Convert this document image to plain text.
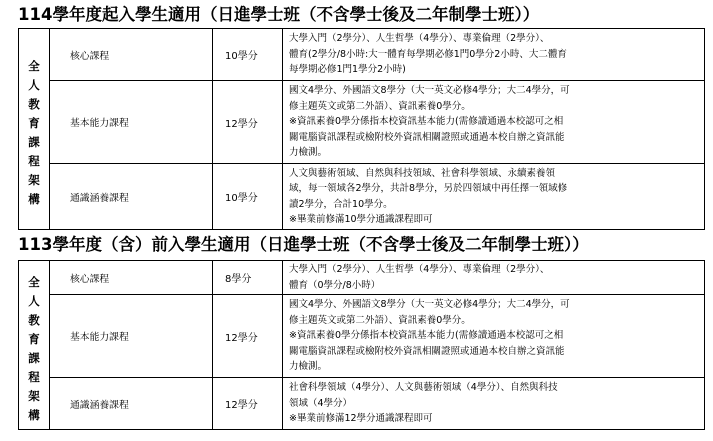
114學年度起入學生適用（日進學士班（不含學士後及二年制學士班））
全人教育課程架構	核心課程	10學分	大學入門（2學分）、人生哲學（4學分）、專業倫理（2學分）、
體育(2學分/8小時:大一體育每學期必修1門0學分2小時、大二體育
每學期必修1門1學分2小時)

	基本能力課程	12學分	國文4學分、外國語文8學分（大一英文必修4學分；大二4學分，可
修主題英文或第二外語）、資訊素養0學分。
※資訊素養0學分係指本校資訊基本能力(需修讀通過本校認可之相
關電腦資訊課程或檢附校外資訊相關證照或通過本校自辦之資訊能
力檢測。

	通識涵養課程	10學分	人文與藝術領域、自然與科技領域、社會科學領域、永續素養領
域，每一領域各2學分，共計8學分，另於四領域中再任擇一領域修
讀2學分，合計10學分。
※畢業前修滿10學分通識課程即可
113學年度（含）前入學生適用（日進學士班（不含學士後及二年制學士班））
全人教育課程架構	核心課程	8學分	大學入門（2學分）、人生哲學（4學分）、專業倫理（2學分）、
體育（0學分/8小時）

	基本能力課程	12學分	國文4學分、外國語文8學分（大一英文必修4學分；大二4學分，可
修主題英文或第二外語）、資訊素養0學分。
※資訊素養0學分係指本校資訊基本能力(需修讀通過本校認可之相
關電腦資訊課程或檢附校外資訊相關證照或通過本校自辦之資訊能
力檢測。

	通識涵養課程	12學分	社會科學領域（4學分）、人文與藝術領域（4學分）、自然與科技
領域（4學分）
※畢業前修滿12學分通識課程即可
